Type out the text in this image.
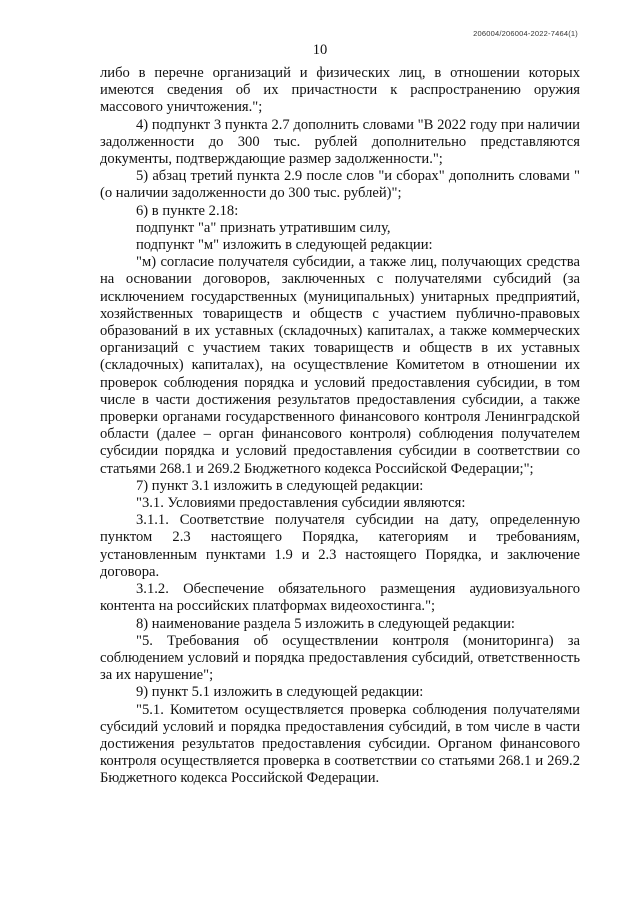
206004/206004-2022-7464(1)
10

либо в перечне организаций и физических лиц, в отношении которых имеются сведения об их причастности к распространению оружия массового уничтожения.";

4) подпункт 3 пункта 2.7 дополнить словами "В 2022 году при наличии задолженности до 300 тыс. рублей дополнительно представляются документы, подтверждающие размер задолженности.";

5) абзац третий пункта 2.9 после слов "и сборах" дополнить словами "(о наличии задолженности до 300 тыс. рублей)";

6) в пункте 2.18:

подпункт "а" признать утратившим силу,

подпункт "м" изложить в следующей редакции:

"м) согласие получателя субсидии, а также лиц, получающих средства на основании договоров, заключенных с получателями субсидий (за исключением государственных (муниципальных) унитарных предприятий, хозяйственных товариществ и обществ с участием публично-правовых образований в их уставных (складочных) капиталах, а также коммерческих организаций с участием таких товариществ и обществ в их уставных (складочных) капиталах), на осуществление Комитетом в отношении их проверок соблюдения порядка и условий предоставления субсидии, в том числе в части достижения результатов предоставления субсидии, а также проверки органами государственного финансового контроля Ленинградской области (далее – орган финансового контроля) соблюдения получателем субсидии порядка и условий предоставления субсидии в соответствии со статьями 268.1 и 269.2 Бюджетного кодекса Российской Федерации;";

7) пункт 3.1 изложить в следующей редакции:

"3.1. Условиями предоставления субсидии являются:

3.1.1. Соответствие получателя субсидии на дату, определенную пунктом 2.3 настоящего Порядка, категориям и требованиям, установленным пунктами 1.9 и 2.3 настоящего Порядка, и заключение договора.

3.1.2. Обеспечение обязательного размещения аудиовизуального контента на российских платформах видеохостинга.";

8) наименование раздела 5 изложить в следующей редакции:

"5. Требования об осуществлении контроля (мониторинга) за соблюдением условий и порядка предоставления субсидий, ответственность за их нарушение";

9) пункт 5.1 изложить в следующей редакции:

"5.1. Комитетом осуществляется проверка соблюдения получателями субсидий условий и порядка предоставления субсидий, в том числе в части достижения результатов предоставления субсидии. Органом финансового контроля осуществляется проверка в соответствии со статьями 268.1 и 269.2 Бюджетного кодекса Российской Федерации.
